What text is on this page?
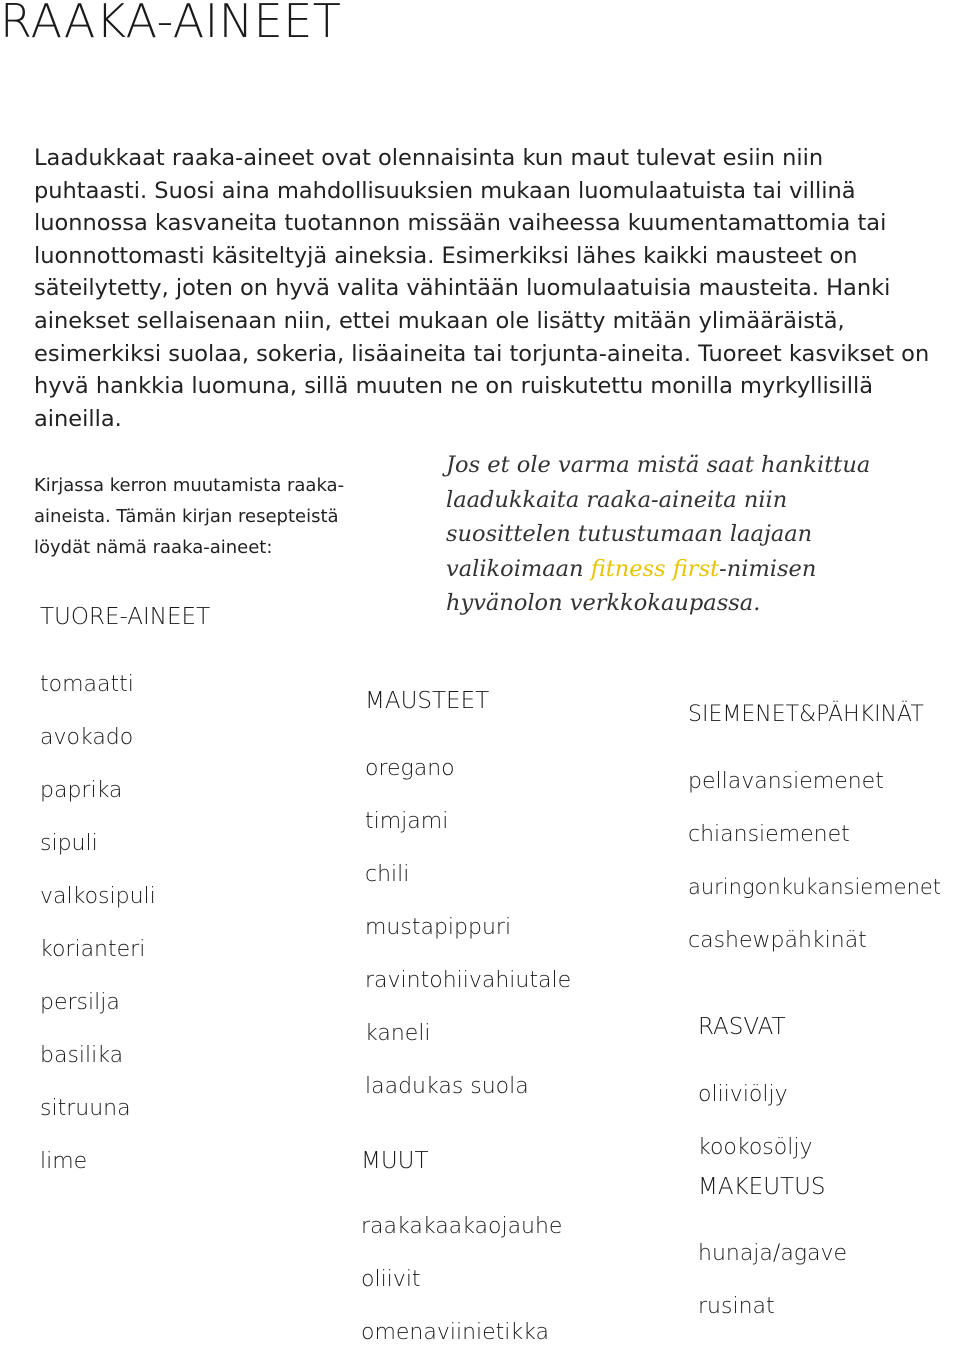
RAAKA-AINEET

Laadukkaat raaka-aineet ovat olennaisinta kun maut tulevat esiin niin
puhtaasti. Suosi aina mahdollisuuksien mukaan luomulaatuista tai villinä
luonnossa kasvaneita tuotannon missään vaiheessa kuumentamattomia tai
luonnottomasti käsiteltyjä aineksia. Esimerkiksi lähes kaikki mausteet on
säteilytetty, joten on hyvä valita vähintään luomulaatuisia mausteita. Hanki
ainekset sellaisenaan niin, ettei mukaan ole lisätty mitään ylimääräistä,
esimerkiksi suolaa, sokeria, lisäaineita tai torjunta-aineita. Tuoreet kasvikset on
hyvä hankkia luomuna, sillä muuten ne on ruiskutettu monilla myrkyllisillä
aineilla.

Kirjassa kerron muutamista raaka-
aineista. Tämän kirjan resepteistä
löydät nämä raaka-aineet:

Jos et ole varma mistä saat hankittua
laadukkaita raaka-aineita niin
suosittelen tutustumaan laajaan
valikoimaan fitness first-nimisen
hyvänolon verkkokaupassa.

TUORE-AINEET
tomaatti
avokado
paprika
sipuli
valkosipuli
korianteri
persilja
basilika
sitruuna
lime
MAUSTEET
oregano
timjami
chili
mustapippuri
ravintohiivahiutale
kaneli
laadukas suola
MUUT
raakakaakaojauhe
oliivit
omenaviinietikka
SIEMENET&PÄHKINÄT
pellavansiemenet
chiansiemenet
auringonkukansiemenet
cashewpähkinät
RASVAT
oliiviöljy
kookosöljy
MAKEUTUS
hunaja/agave
rusinat
